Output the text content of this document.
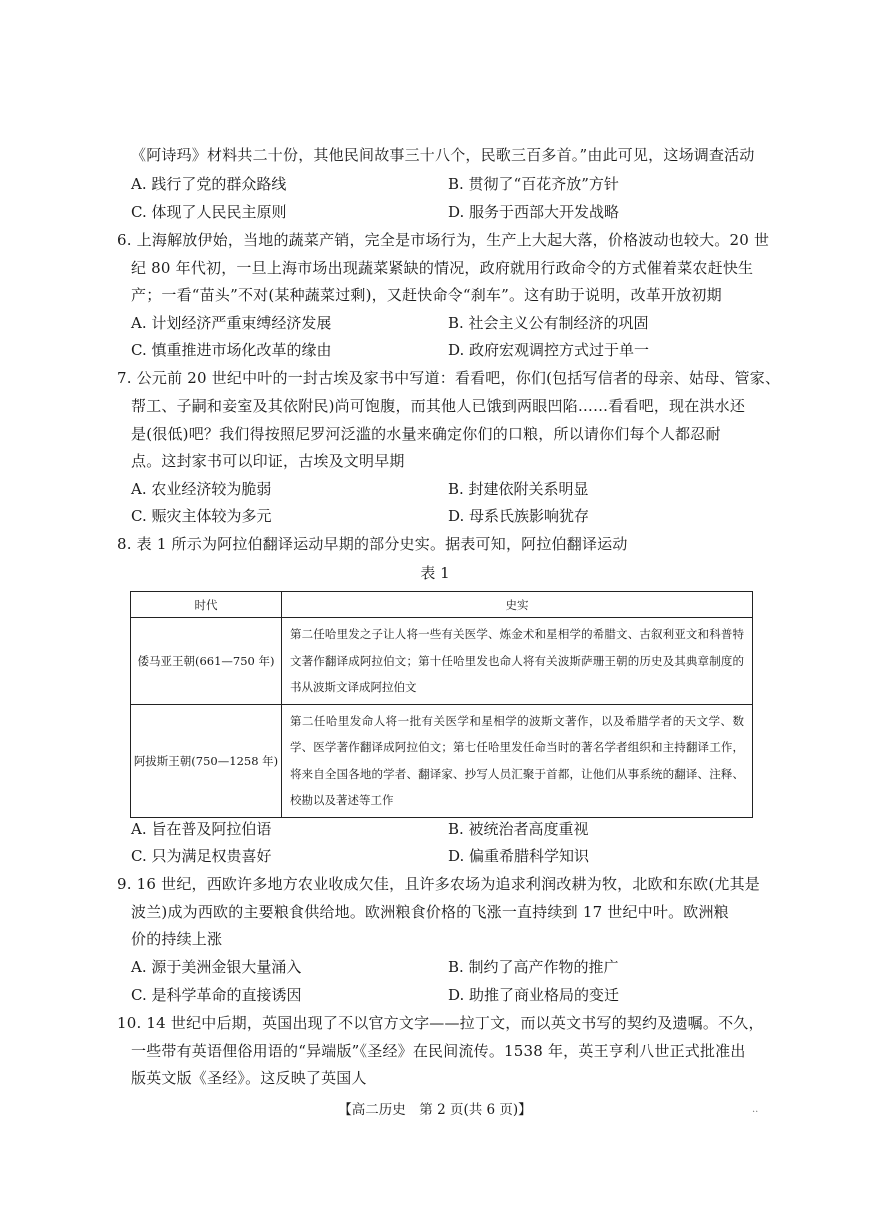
《阿诗玛》材料共二十份，其他民间故事三十八个，民歌三百多首。”由此可见，这场调查活动
A. 践行了党的群众路线	B. 贯彻了“百花齐放”方针
C. 体现了人民民主原则	D. 服务于西部大开发战略
6. 上海解放伊始，当地的蔬菜产销，完全是市场行为，生产上大起大落，价格波动也较大。20 世
纪 80 年代初，一旦上海市场出现蔬菜紧缺的情况，政府就用行政命令的方式催着菜农赶快生
产；一看“苗头”不对(某种蔬菜过剩)，又赶快命令“刹车”。这有助于说明，改革开放初期
A. 计划经济严重束缚经济发展	B. 社会主义公有制经济的巩固
C. 慎重推进市场化改革的缘由	D. 政府宏观调控方式过于单一
7. 公元前 20 世纪中叶的一封古埃及家书中写道：看看吧，你们(包括写信者的母亲、姑母、管家、
帮工、子嗣和妾室及其依附民)尚可饱腹，而其他人已饿到两眼凹陷……看看吧，现在洪水还
是(很低)吧？我们得按照尼罗河泛滥的水量来确定你们的口粮，所以请你们每个人都忍耐
点。这封家书可以印证，古埃及文明早期
A. 农业经济较为脆弱	B. 封建依附关系明显
C. 赈灾主体较为多元	D. 母系氏族影响犹存
8. 表 1 所示为阿拉伯翻译运动早期的部分史实。据表可知，阿拉伯翻译运动
表 1
时代	史实
倭马亚王朝(661—750 年)	第二任哈里发之子让人将一些有关医学、炼金术和星相学的希腊文、古叙利亚文和科普特文著作翻译成阿拉伯文；第十任哈里发也命人将有关波斯萨珊王朝的历史及其典章制度的书从波斯文译成阿拉伯文
阿拔斯王朝(750—1258 年)	第二任哈里发命人将一批有关医学和星相学的波斯文著作，以及希腊学者的天文学、数学、医学著作翻译成阿拉伯文；第七任哈里发任命当时的著名学者组织和主持翻译工作，将来自全国各地的学者、翻译家、抄写人员汇聚于首都，让他们从事系统的翻译、注释、校勘以及著述等工作
A. 旨在普及阿拉伯语	B. 被统治者高度重视
C. 只为满足权贵喜好	D. 偏重希腊科学知识
9. 16 世纪，西欧许多地方农业收成欠佳，且许多农场为追求利润改耕为牧，北欧和东欧(尤其是
波兰)成为西欧的主要粮食供给地。欧洲粮食价格的飞涨一直持续到 17 世纪中叶。欧洲粮
价的持续上涨
A. 源于美洲金银大量涌入	B. 制约了高产作物的推广
C. 是科学革命的直接诱因	D. 助推了商业格局的变迁
10. 14 世纪中后期，英国出现了不以官方文字——拉丁文，而以英文书写的契约及遗嘱。不久，
一些带有英语俚俗用语的“异端版”《圣经》在民间流传。1538 年，英王亨利八世正式批准出
版英文版《圣经》。这反映了英国人
【高二历史　第 2 页(共 6 页)】	..
